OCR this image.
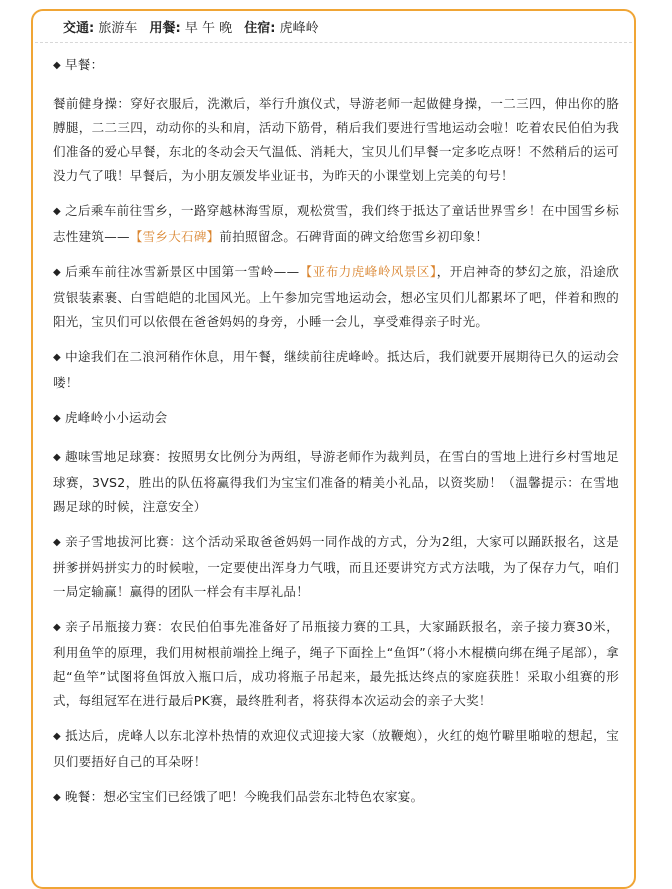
交通: 旅游车 用餐: 早 午 晚 住宿: 虎峰岭

◆ 早餐：

餐前健身操：穿好衣服后，洗漱后，举行升旗仪式，导游老师一起做健身操，一二三四，伸出你的胳膊腿，二二三四，动动你的头和肩，活动下筋骨，稍后我们要进行雪地运动会啦！吃着农民伯伯为我们准备的爱心早餐，东北的冬动会天气温低、消耗大，宝贝儿们早餐一定多吃点呀！不然稍后的运可没力气了哦！早餐后，为小朋友颁发毕业证书，为昨天的小课堂划上完美的句号！

◆ 之后乘车前往雪乡，一路穿越林海雪原，观松赏雪，我们终于抵达了童话世界雪乡！在中国雪乡标志性建筑——【雪乡大石碑】前拍照留念。石碑背面的碑文给您雪乡初印象！

◆ 后乘车前往冰雪新景区中国第一雪岭——【亚布力虎峰岭风景区】，开启神奇的梦幻之旅，沿途欣赏银装素裹、白雪皑皑的北国风光。上午参加完雪地运动会，想必宝贝们儿都累坏了吧，伴着和煦的阳光，宝贝们可以依偎在爸爸妈妈的身旁，小睡一会儿，享受难得亲子时光。

◆ 中途我们在二浪河稍作休息，用午餐，继续前往虎峰岭。抵达后，我们就要开展期待已久的运动会喽！

◆ 虎峰岭小小运动会

◆ 趣味雪地足球赛：按照男女比例分为两组，导游老师作为裁判员，在雪白的雪地上进行乡村雪地足球赛，3VS2，胜出的队伍将赢得我们为宝宝们准备的精美小礼品，以资奖励！（温馨提示：在雪地踢足球的时候，注意安全）

◆ 亲子雪地拔河比赛：这个活动采取爸爸妈妈一同作战的方式，分为2组，大家可以踊跃报名，这是拼爹拼妈拼实力的时候啦，一定要使出浑身力气哦，而且还要讲究方式方法哦，为了保存力气，咱们一局定输赢！赢得的团队一样会有丰厚礼品！

◆ 亲子吊瓶接力赛：农民伯伯事先准备好了吊瓶接力赛的工具，大家踊跃报名，亲子接力赛30米，利用鱼竿的原理，我们用树根前端拴上绳子，绳子下面拴上“鱼饵”（将小木棍横向绑在绳子尾部），拿起“鱼竿”试图将鱼饵放入瓶口后，成功将瓶子吊起来，最先抵达终点的家庭获胜！采取小组赛的形式，每组冠军在进行最后PK赛，最终胜利者，将获得本次运动会的亲子大奖！

◆ 抵达后，虎峰人以东北淳朴热情的欢迎仪式迎接大家（放鞭炮），火红的炮竹噼里啪啦的想起，宝贝们要捂好自己的耳朵呀！

◆ 晚餐：想必宝宝们已经饿了吧！今晚我们品尝东北特色农家宴。
